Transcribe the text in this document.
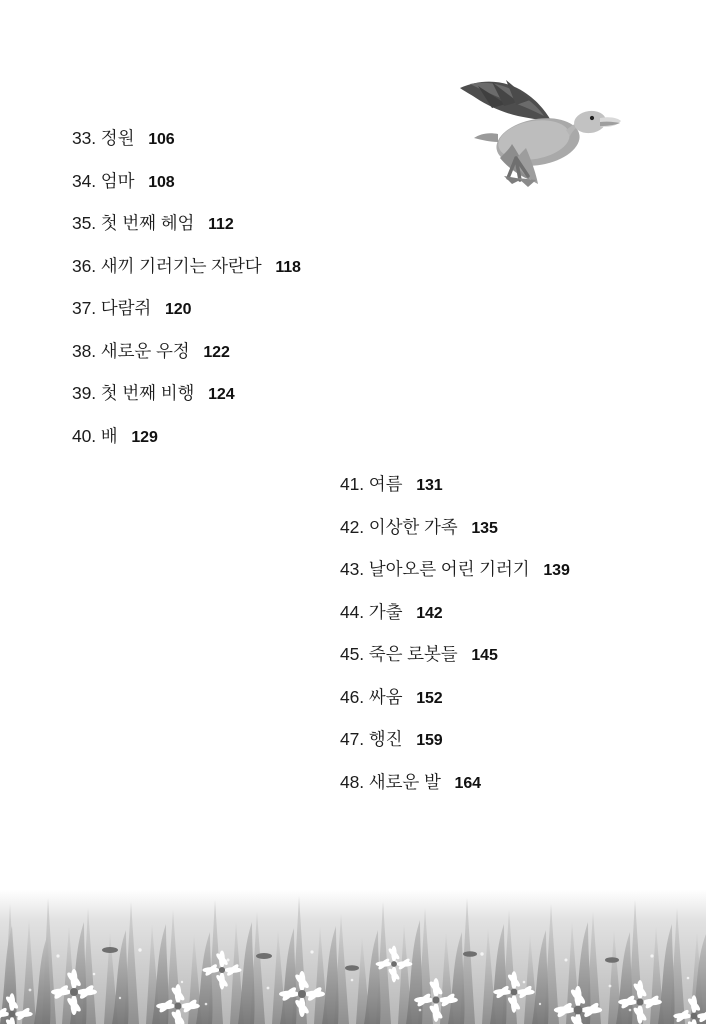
33. 정원 106
34. 엄마 108
35. 첫 번째 헤엄 112
36. 새끼 기러기는 자란다 118
37. 다람쥐 120
38. 새로운 우정 122
39. 첫 번째 비행 124
40. 배 129
41. 여름 131
42. 이상한 가족 135
43. 날아오른 어린 기러기 139
44. 가출 142
45. 죽은 로봇들 145
46. 싸움 152
47. 행진 159
48. 새로운 발 164
